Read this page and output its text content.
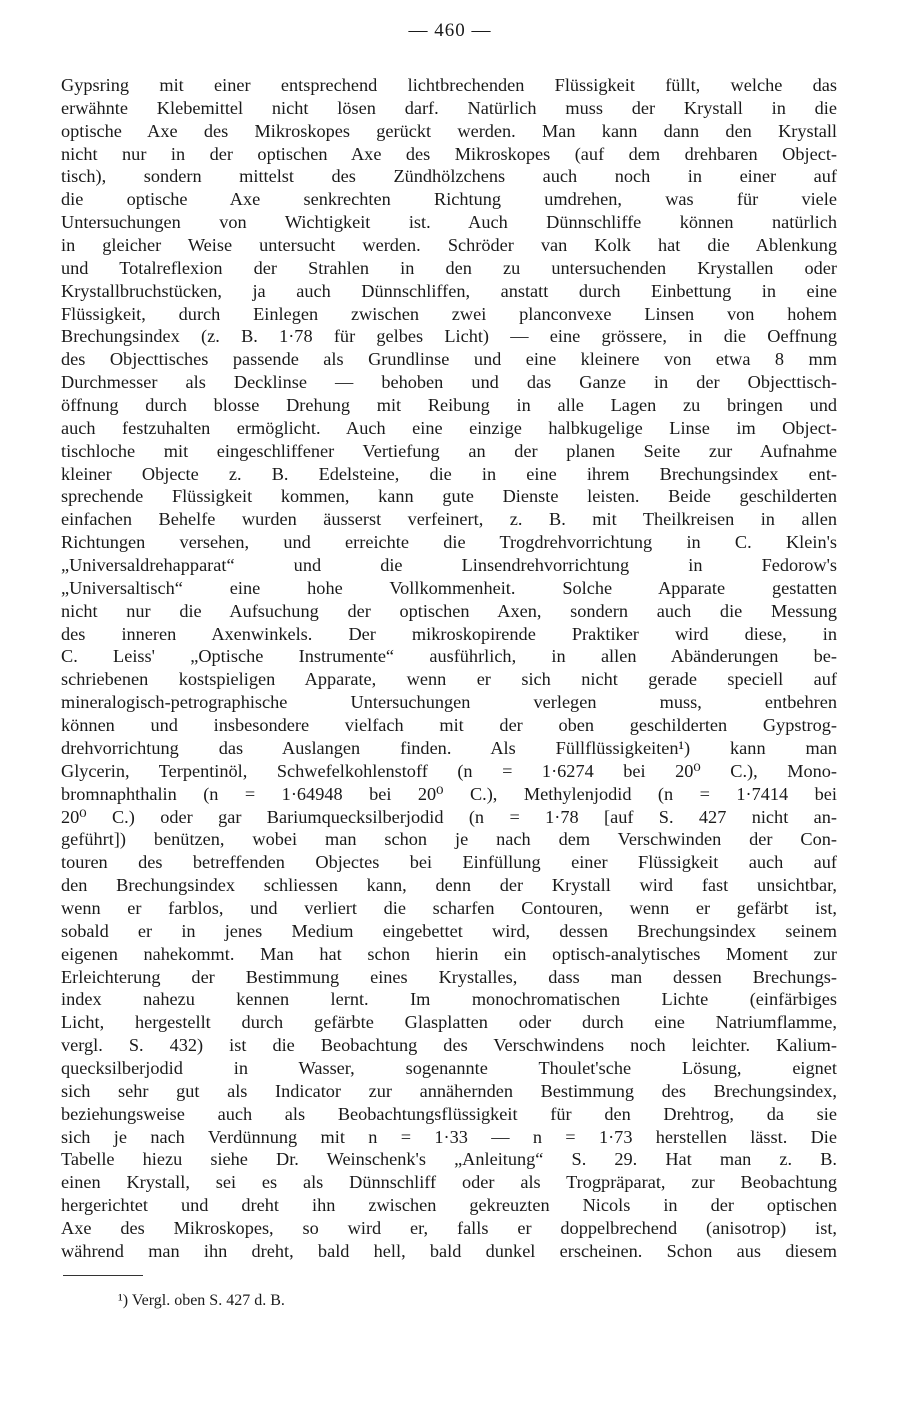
— 460 —
Gypsring mit einer entsprechend lichtbrechenden Flüssigkeit füllt, welche das
erwähnte Klebemittel nicht lösen darf. Natürlich muss der Krystall in die
optische Axe des Mikroskopes gerückt werden. Man kann dann den Krystall
nicht nur in der optischen Axe des Mikroskopes (auf dem drehbaren Object-
tisch), sondern mittelst des Zündhölzchens auch noch in einer auf
die optische Axe senkrechten Richtung umdrehen, was für viele
Untersuchungen von Wichtigkeit ist. Auch Dünnschliffe können natürlich
in gleicher Weise untersucht werden. Schröder van Kolk hat die Ablenkung
und Totalreflexion der Strahlen in den zu untersuchenden Krystallen oder
Krystallbruchstücken, ja auch Dünnschliffen, anstatt durch Einbettung in eine
Flüssigkeit, durch Einlegen zwischen zwei planconvexe Linsen von hohem
Brechungsindex (z. B. 1·78 für gelbes Licht) — eine grössere, in die Oeffnung
des Objecttisches passende als Grundlinse und eine kleinere von etwa 8 mm
Durchmesser als Decklinse — behoben und das Ganze in der Objecttisch-
öffnung durch blosse Drehung mit Reibung in alle Lagen zu bringen und
auch festzuhalten ermöglicht. Auch eine einzige halbkugelige Linse im Object-
tischloche mit eingeschliffener Vertiefung an der planen Seite zur Aufnahme
kleiner Objecte z. B. Edelsteine, die in eine ihrem Brechungsindex ent-
sprechende Flüssigkeit kommen, kann gute Dienste leisten. Beide geschilderten
einfachen Behelfe wurden äusserst verfeinert, z. B. mit Theilkreisen in allen
Richtungen versehen, und erreichte die Trogdrehvorrichtung in C. Klein's
„Universaldrehapparat“ und die Linsendrehvorrichtung in Fedorow's
„Universaltisch“ eine hohe Vollkommenheit. Solche Apparate gestatten
nicht nur die Aufsuchung der optischen Axen, sondern auch die Messung
des inneren Axenwinkels. Der mikroskopirende Praktiker wird diese, in
C. Leiss' „Optische Instrumente“ ausführlich, in allen Abänderungen be-
schriebenen kostspieligen Apparate, wenn er sich nicht gerade speciell auf
mineralogisch-petrographische Untersuchungen verlegen muss, entbehren
können und insbesondere vielfach mit der oben geschilderten Gypstrog-
drehvorrichtung das Auslangen finden. Als Füllflüssigkeiten¹) kann man
Glycerin, Terpentinöl, Schwefelkohlenstoff (n = 1·6274 bei 20⁰ C.), Mono-
bromnaphthalin (n = 1·64948 bei 20⁰ C.), Methylenjodid (n = 1·7414 bei
20⁰ C.) oder gar Bariumquecksilberjodid (n = 1·78 [auf S. 427 nicht an-
geführt]) benützen, wobei man schon je nach dem Verschwinden der Con-
touren des betreffenden Objectes bei Einfüllung einer Flüssigkeit auch auf
den Brechungsindex schliessen kann, denn der Krystall wird fast unsichtbar,
wenn er farblos, und verliert die scharfen Contouren, wenn er gefärbt ist,
sobald er in jenes Medium eingebettet wird, dessen Brechungsindex seinem
eigenen nahekommt. Man hat schon hierin ein optisch-analytisches Moment zur
Erleichterung der Bestimmung eines Krystalles, dass man dessen Brechungs-
index nahezu kennen lernt. Im monochromatischen Lichte (einfärbiges
Licht, hergestellt durch gefärbte Glasplatten oder durch eine Natriumflamme,
vergl. S. 432) ist die Beobachtung des Verschwindens noch leichter. Kalium-
quecksilberjodid in Wasser, sogenannte Thoulet'sche Lösung, eignet
sich sehr gut als Indicator zur annähernden Bestimmung des Brechungsindex,
beziehungsweise auch als Beobachtungsflüssigkeit für den Drehtrog, da sie
sich je nach Verdünnung mit n = 1·33 — n = 1·73 herstellen lässt. Die
Tabelle hiezu siehe Dr. Weinschenk's „Anleitung“ S. 29. Hat man z. B.
einen Krystall, sei es als Dünnschliff oder als Trogpräparat, zur Beobachtung
hergerichtet und dreht ihn zwischen gekreuzten Nicols in der optischen
Axe des Mikroskopes, so wird er, falls er doppelbrechend (anisotrop) ist,
während man ihn dreht, bald hell, bald dunkel erscheinen. Schon aus diesem
¹) Vergl. oben S. 427 d. B.
